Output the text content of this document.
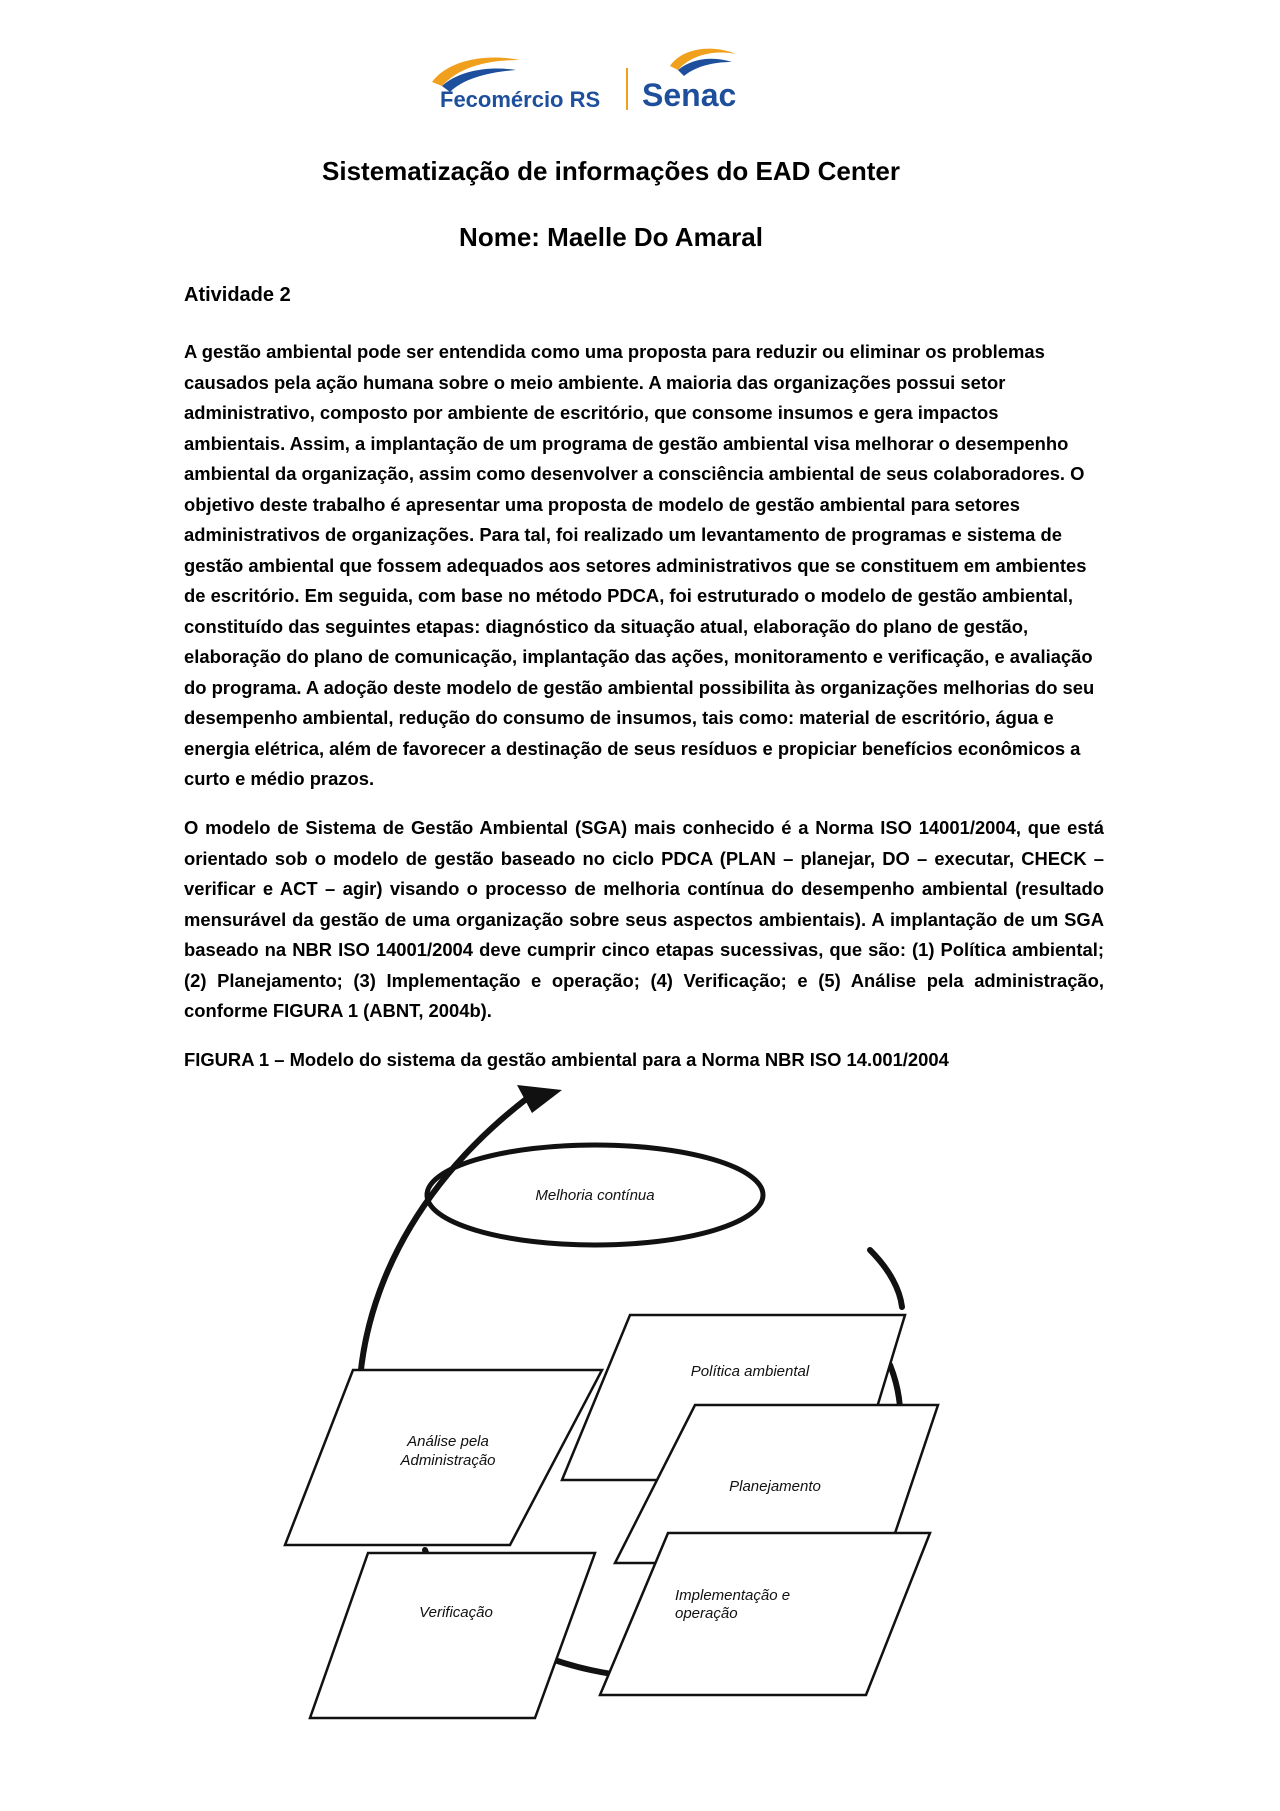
Fecomércio RS Senac
Sistematização de informações do EAD Center
Nome: Maelle Do Amaral
Atividade 2

A gestão ambiental pode ser entendida como uma proposta para reduzir ou eliminar os problemas causados pela ação humana sobre o meio ambiente. A maioria das organizações possui setor administrativo, composto por ambiente de escritório, que consome insumos e gera impactos ambientais. Assim, a implantação de um programa de gestão ambiental visa melhorar o desempenho ambiental da organização, assim como desenvolver a consciência ambiental de seus colaboradores. O objetivo deste trabalho é apresentar uma proposta de modelo de gestão ambiental para setores administrativos de organizações. Para tal, foi realizado um levantamento de programas e sistema de gestão ambiental que fossem adequados aos setores administrativos que se constituem em ambientes de escritório. Em seguida, com base no método PDCA, foi estruturado o modelo de gestão ambiental, constituído das seguintes etapas: diagnóstico da situação atual, elaboração do plano de gestão, elaboração do plano de comunicação, implantação das ações, monitoramento e verificação, e avaliação do programa. A adoção deste modelo de gestão ambiental possibilita às organizações melhorias do seu desempenho ambiental, redução do consumo de insumos, tais como: material de escritório, água e energia elétrica, além de favorecer a destinação de seus resíduos e propiciar benefícios econômicos a curto e médio prazos.

O modelo de Sistema de Gestão Ambiental (SGA) mais conhecido é a Norma ISO 14001/2004, que está orientado sob o modelo de gestão baseado no ciclo PDCA (PLAN – planejar, DO – executar, CHECK – verificar e ACT – agir) visando o processo de melhoria contínua do desempenho ambiental (resultado mensurável da gestão de uma organização sobre seus aspectos ambientais). A implantação de um SGA baseado na NBR ISO 14001/2004 deve cumprir cinco etapas sucessivas, que são: (1) Política ambiental; (2) Planejamento; (3) Implementação e operação; (4) Verificação; e (5) Análise pela administração, conforme FIGURA 1 (ABNT, 2004b).

FIGURA 1 – Modelo do sistema da gestão ambiental para a Norma NBR ISO 14.001/2004
Melhoria contínua
Análise pela
Administração
Política ambiental
Planejamento
Verificação
Implementação e
operação
